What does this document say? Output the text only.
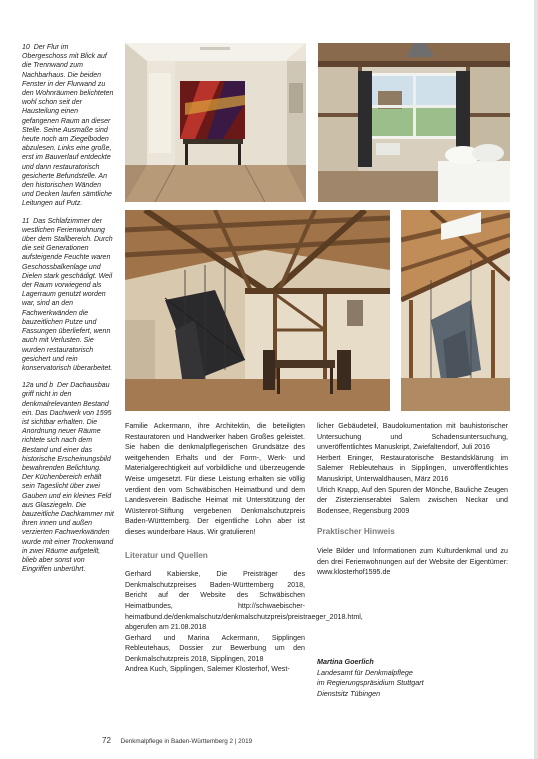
10 Der Flur im Obergeschoss mit Blick auf die Trennwand zum Nachbarhaus. Die beiden Fenster in der Flurwand zu den Wohnräumen belichteten wohl schon seit der Hausteilung einen gefangenen Raum an dieser Stelle. Seine Ausmaße sind heute noch am Ziegelboden abzulesen. Links eine große, erst im Bauverlauf entdeckte und dann restauratorisch gesicherte Befundstelle. An den historischen Wänden und Decken laufen sämtliche Leitungen auf Putz.

11 Das Schlafzimmer der westlichen Ferienwohnung über dem Stallbereich. Durch die seit Generationen aufsteigende Feuchte waren Geschossbalkenlage und Dielen stark geschädigt. Weil der Raum vorwiegend als Lagerraum genutzt worden war, sind an den Fachwerkwänden die bauzeitlichen Putze und Fassungen überliefert, wenn auch mit Verlusten. Sie wurden restauratorisch gesichert und rein konservatorisch überarbeitet.

12a und b Der Dachausbau griff nicht in den denkmalrelevanten Bestand ein. Das Dachwerk von 1595 ist sichtbar erhalten. Die Anordnung neuer Räume richtete sich nach dem Bestand und einer das historische Erscheinungsbild bewahrenden Belichtung. Der Küchenbereich erhält sein Tageslicht über zwei Gauben und ein kleines Feld aus Glasziegeln. Die bauzeitliche Dachkammer mit ihren innen und außen verzierten Fachwerkwänden wurde mit einer Trockenwand in zwei Räume aufgeteilt, blieb aber sonst von Eingriffen unberührt.

Familie Ackermann, ihre Architektin, die beteiligten Restauratoren und Handwerker haben Großes geleistet. Sie haben die denkmalpflegerischen Grundsätze des weitgehenden Erhalts und der Form-, Werk- und Materialgerechtigkeit auf vorbildliche und überzeugende Weise umgesetzt. Für diese Leistung erhalten sie völlig verdient den vom Schwäbischen Heimatbund und dem Landesverein Badische Heimat mit Unterstützung der Wüstenrot-Stiftung vergebenen Denkmalschutzpreis Baden-Württemberg. Der eigentliche Lohn aber ist dieses wunderbare Haus. Wir gratulieren!

Literatur und Quellen

Gerhard Kabierske, Die Preisträger des Denkmalschutzpreises Baden-Württemberg 2018, Bericht auf der Website des Schwäbischen Heimatbundes, http://schwaebischer-heimatbund.de/denkmalschutz/denkmalschutzpreis/preistraeger_2018.html, abgerufen am 21.08.2018

Gerhard und Marina Ackermann, Sipplingen Rebleutehaus, Dossier zur Bewerbung um den Denkmalschutzpreis 2018, Sipplingen, 2018

Andrea Kuch, Sipplingen, Salemer Klosterhof, West-

licher Gebäudeteil, Baudokumentation mit bauhistorischer Untersuchung und Schadensuntersuchung, unveröffentlichtes Manuskript, Zwiefaltendorf, Juli 2016

Herbert Eninger, Restauratorische Bestandsklärung im Salemer Rebleutehaus in Sipplingen, unveröffentlichtes Manuskript, Unterwaldhausen, März 2016

Ulrich Knapp, Auf den Spuren der Mönche, Bauliche Zeugen der Zisterzienserabtei Salem zwischen Neckar und Bodensee, Regensburg 2009

Praktischer Hinweis

Viele Bilder und Informationen zum Kulturdenkmal und zu den drei Ferienwohnungen auf der Website der Eigentümer: www.klosterhof1595.de

Martina Goerlich
Landesamt für Denkmalpflege
im Regierungspräsidium Stuttgart
Dienstsitz Tübingen
72 Denkmalpflege in Baden-Württemberg 2 | 2019
